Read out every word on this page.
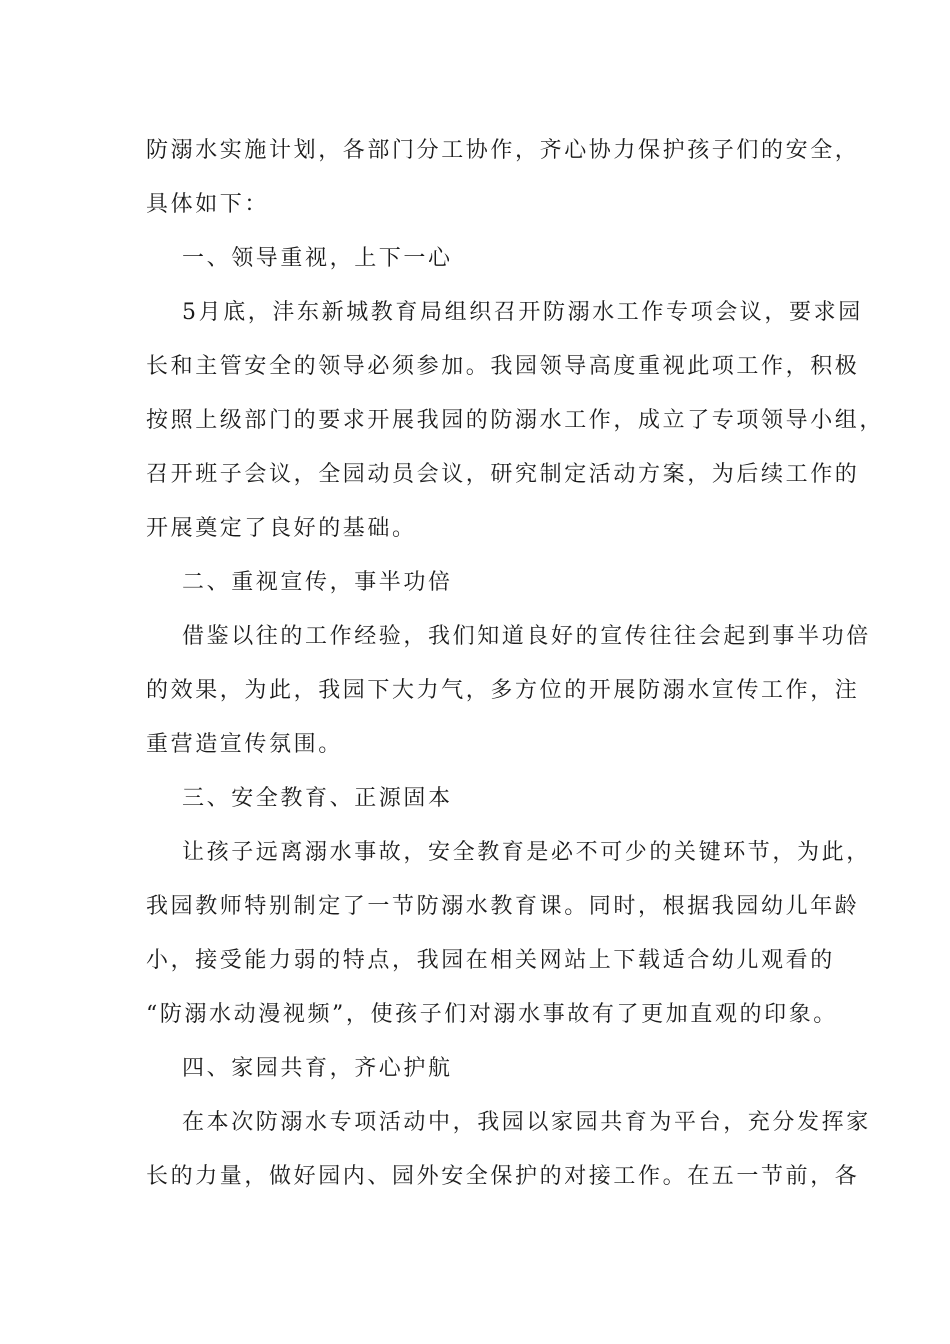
防溺水实施计划，各部门分工协作，齐心协力保护孩子们的安全，
具体如下：
一、领导重视，上下一心
5月底，沣东新城教育局组织召开防溺水工作专项会议，要求园
长和主管安全的领导必须参加。我园领导高度重视此项工作，积极
按照上级部门的要求开展我园的防溺水工作，成立了专项领导小组，
召开班子会议，全园动员会议，研究制定活动方案，为后续工作的
开展奠定了良好的基础。
二、重视宣传，事半功倍
借鉴以往的工作经验，我们知道良好的宣传往往会起到事半功倍
的效果，为此，我园下大力气，多方位的开展防溺水宣传工作，注
重营造宣传氛围。
三、安全教育、正源固本
让孩子远离溺水事故，安全教育是必不可少的关键环节，为此，
我园教师特别制定了一节防溺水教育课。同时，根据我园幼儿年龄
小，接受能力弱的特点，我园在相关网站上下载适合幼儿观看的
“防溺水动漫视频”，使孩子们对溺水事故有了更加直观的印象。
四、家园共育，齐心护航
在本次防溺水专项活动中，我园以家园共育为平台，充分发挥家
长的力量，做好园内、园外安全保护的对接工作。在五一节前，各
